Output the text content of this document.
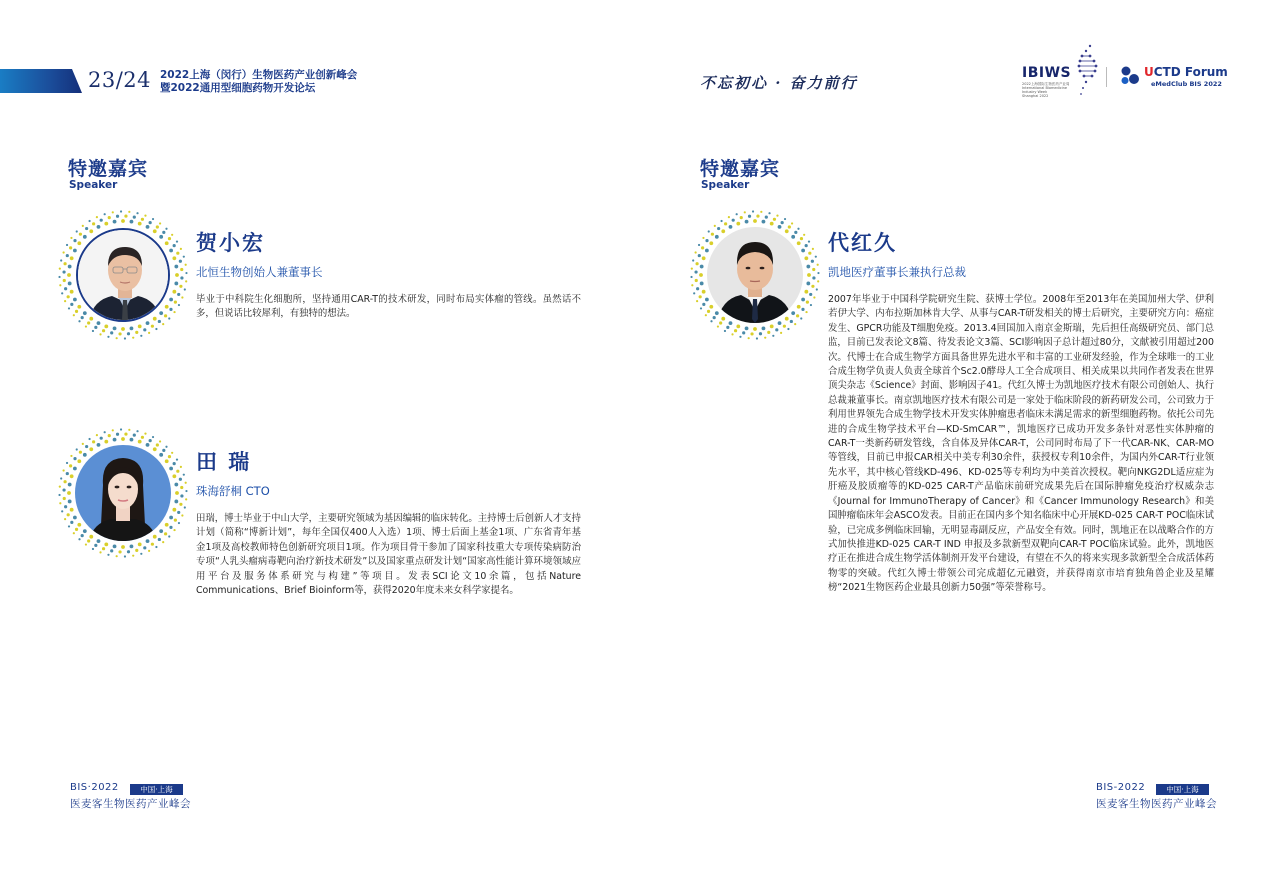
23/24 2022上海（闵行）生物医药产业创新峰会
暨2022通用型细胞药物开发论坛	不忘初心 · 奋力前行
IBIWS
2022上海国际生物医药产业周
International Biomedicine Industry Week
Shanghai 2022
UCTD Forum
eMedClub BIS 2022
特邀嘉宾
Speaker
贺小宏
北恒生物创始人兼董事长
毕业于中科院生化细胞所，坚持通用CAR-T的技术研发，同时布局实体瘤的管线。虽然话不多，但说话比较犀利，有独特的想法。
田 瑞
珠海舒桐 CTO
田瑞，博士毕业于中山大学，主要研究领域为基因编辑的临床转化。主持博士后创新人才支持计划（简称“博新计划”，每年全国仅400人入选）1项、博士后面上基金1项、广东省青年基金1项及高校教师特色创新研究项目1项。作为项目骨干参加了国家科技重大专项传染病防治专项“人乳头瘤病毒靶向治疗新技术研发”以及国家重点研发计划“国家高性能计算环境领域应用平台及服务体系研究与构建”等项目。发表SCI论文10余篇，包括Nature Communications、Brief Bioinform等，获得2020年度未来女科学家提名。
BIS·2022	中国·上海
医麦客生物医药产业峰会
特邀嘉宾
Speaker
代红久
凯地医疗董事长兼执行总裁
2007年毕业于中国科学院研究生院、获博士学位。2008年至2013年在美国加州大学、伊利若伊大学、内布拉斯加林肯大学、从事与CAR-T研发相关的博士后研究，主要研究方向：癌症发生、GPCR功能及T细胞免疫。2013.4回国加入南京金斯瑞，先后担任高级研究员、部门总监，目前已发表论文8篇、待发表论文3篇、SCI影响因子总计超过80分，文献被引用超过200次。代博士在合成生物学方面具备世界先进水平和丰富的工业研发经验，作为全球唯一的工业合成生物学负责人负责全球首个Sc2.0酵母人工全合成项目、相关成果以共同作者发表在世界顶尖杂志《Science》封面、影响因子41。代红久博士为凯地医疗技术有限公司创始人、执行总裁兼董事长。南京凯地医疗技术有限公司是一家处于临床阶段的新药研发公司，公司致力于利用世界领先合成生物学技术开发实体肿瘤患者临床未满足需求的新型细胞药物。依托公司先进的合成生物学技术平台—KD-SmCAR™，凯地医疗已成功开发多条针对恶性实体肿瘤的CAR-T一类新药研发管线，含自体及异体CAR-T，公司同时布局了下一代CAR-NK、CAR-MO等管线，目前已申报CAR相关中美专利30余件，获授权专利10余件，为国内外CAR-T行业领先水平，其中核心管线KD-496、KD-025等专利均为中美首次授权。靶向NKG2DL适应症为肝癌及胶质瘤等的KD-025 CAR-T产品临床前研究成果先后在国际肿瘤免疫治疗权威杂志《Journal for ImmunoTherapy of Cancer》和《Cancer Immunology Research》和美国肿瘤临床年会ASCO发表。目前正在国内多个知名临床中心开展KD-025 CAR-T POC临床试验，已完成多例临床回输，无明显毒副反应，产品安全有效。同时，凯地正在以战略合作的方式加快推进KD-025 CAR-T IND 申报及多款新型双靶向CAR-T POC临床试验。此外，凯地医疗正在推进合成生物学活体制剂开发平台建设，有望在不久的将来实现多款新型全合成活体药物零的突破。代红久博士带领公司完成超亿元融资，并获得南京市培育独角兽企业及星耀榜“2021生物医药企业最具创新力50强”等荣誉称号。
BIS-2022	中国·上海
医麦客生物医药产业峰会
